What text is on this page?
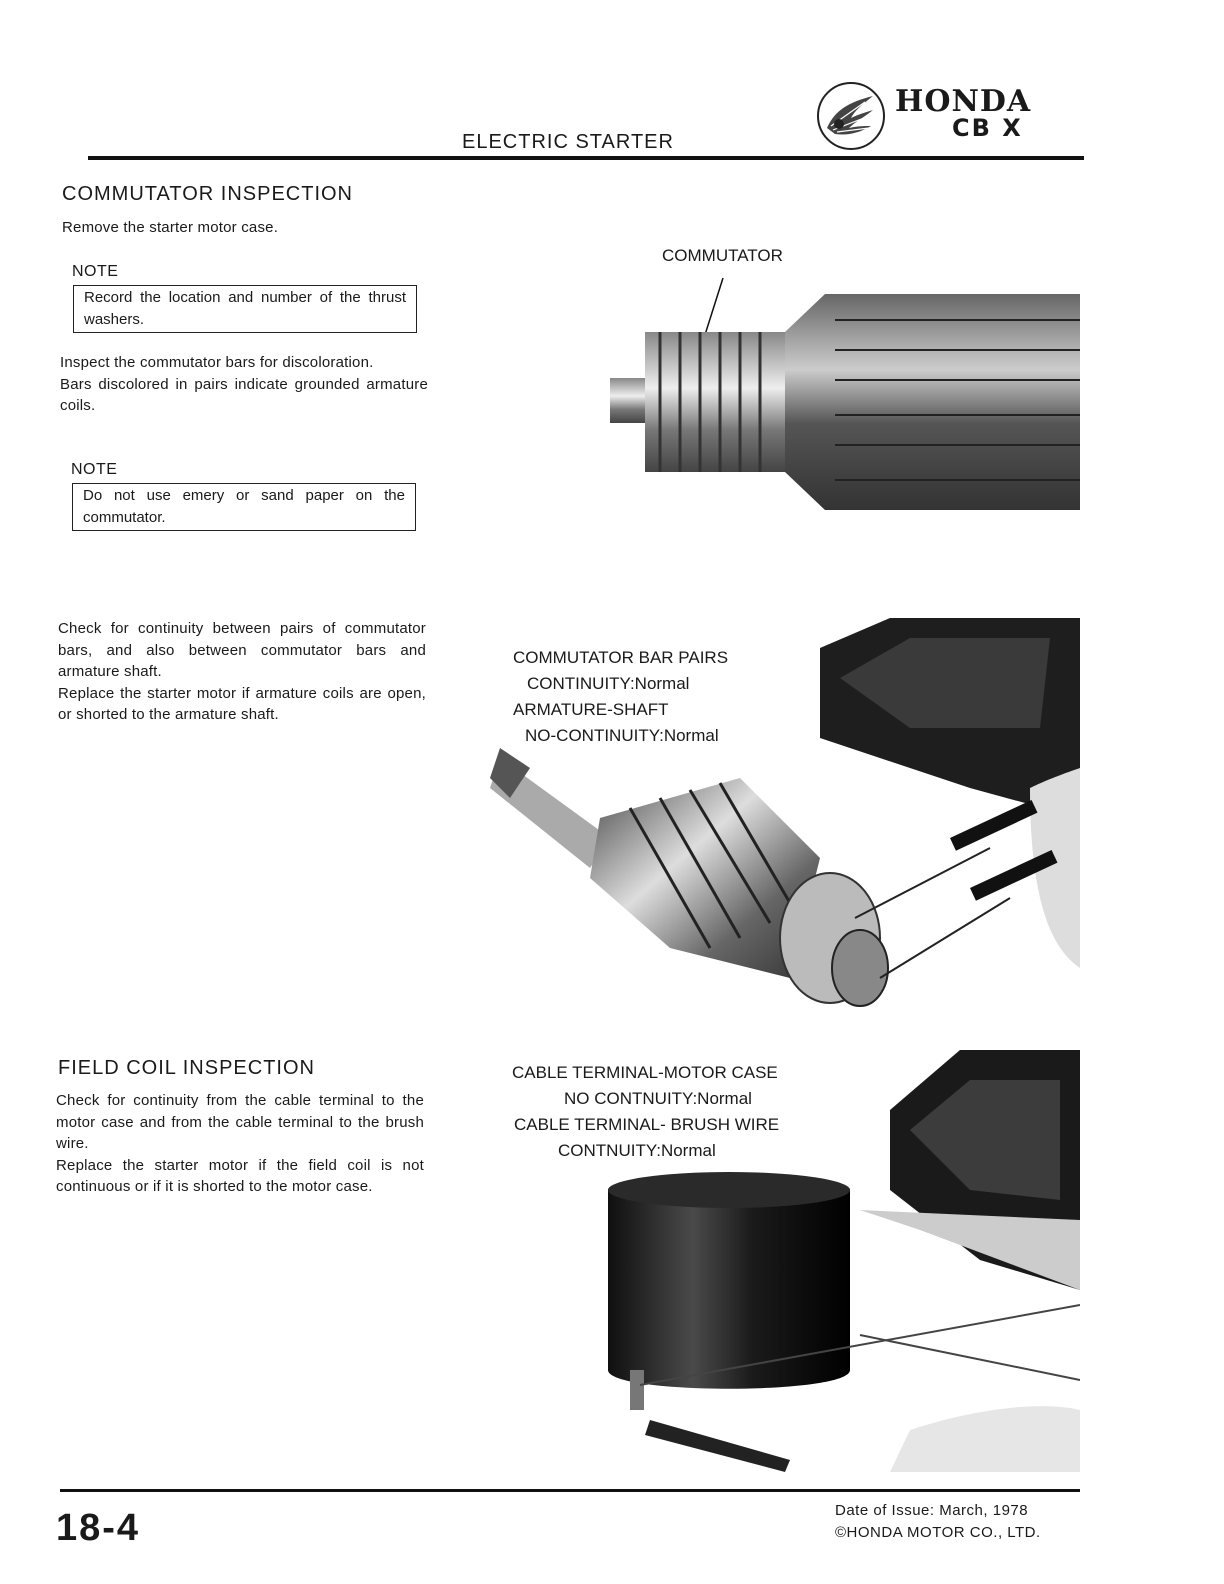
ELECTRIC STARTER
HONDA
CB X
COMMUTATOR INSPECTION

Remove the starter motor case.

NOTE
Record the location and number of the thrust washers.

Inspect the commutator bars for discoloration.

Bars discolored in pairs indicate grounded armature coils.

NOTE
Do not use emery or sand paper on the commutator.

Check for continuity between pairs of commutator bars, and also between commutator bars and armature shaft.

Replace the starter motor if armature coils are open, or shorted to the armature shaft.

FIELD COIL INSPECTION

Check for continuity from the cable terminal to the motor case and from the cable terminal to the brush wire.

Replace the starter motor if the field coil is not continuous or if it is shorted to the motor case.

COMMUTATOR
COMMUTATOR BAR PAIRS
CONTINUITY:Normal
ARMATURE-SHAFT
NO-CONTINUITY:Normal
CABLE TERMINAL-MOTOR CASE
NO CONTNUITY:Normal
CABLE TERMINAL- BRUSH WIRE
CONTNUITY:Normal
18-4	Date of Issue: March, 1978
©HONDA MOTOR CO., LTD.
